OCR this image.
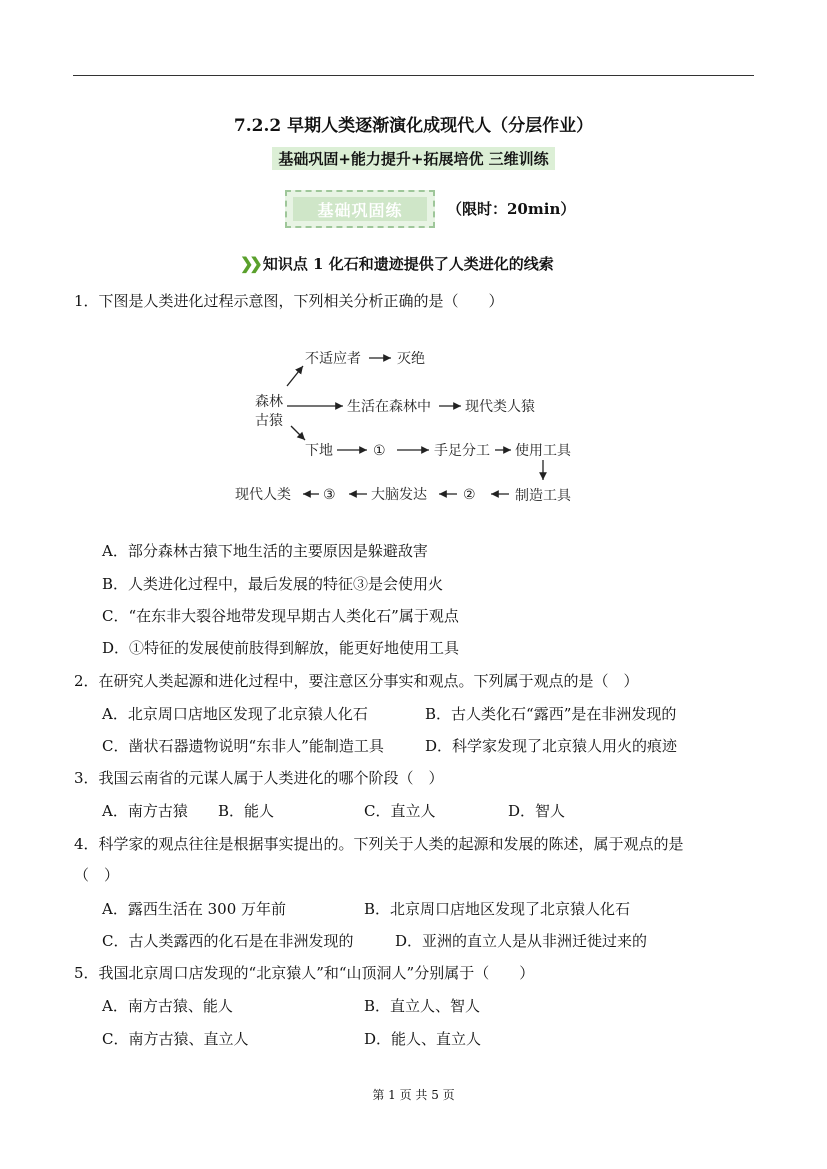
7.2.2 早期人类逐渐演化成现代人（分层作业）
基础巩固+能力提升+拓展培优 三维训练
基础巩固练	（限时：20min）
❯❯ 知识点 1 化石和遗迹提供了人类进化的线索
1．下图是人类进化过程示意图，下列相关分析正确的是（　　）
森林
古猿
不适应者	灭绝
生活在森林中 现代类人猿
下地	①	手足分工 使用工具
制造工具
②
大脑发达
③
现代人类
A．部分森林古猿下地生活的主要原因是躲避敌害
B．人类进化过程中，最后发展的特征③是会使用火
C．“在东非大裂谷地带发现早期古人类化石”属于观点
D．①特征的发展使前肢得到解放，能更好地使用工具
2．在研究人类起源和进化过程中，要注意区分事实和观点。下列属于观点的是（　）
A．北京周口店地区发现了北京猿人化石	B．古人类化石“露西”是在非洲发现的
C．凿状石器遗物说明“东非人”能制造工具	D．科学家发现了北京猿人用火的痕迹
3．我国云南省的元谋人属于人类进化的哪个阶段（　）
A．南方古猿 B．能人	C．直立人	D．智人
4．科学家的观点往往是根据事实提出的。下列关于人类的起源和发展的陈述，属于观点的是
（　）
A．露西生活在 300 万年前	B．北京周口店地区发现了北京猿人化石
C．古人类露西的化石是在非洲发现的	D．亚洲的直立人是从非洲迁徙过来的
5．我国北京周口店发现的“北京猿人”和“山顶洞人”分别属于（　　）
A．南方古猿、能人	B．直立人、智人
C．南方古猿、直立人	D．能人、直立人
第 1 页 共 5 页
